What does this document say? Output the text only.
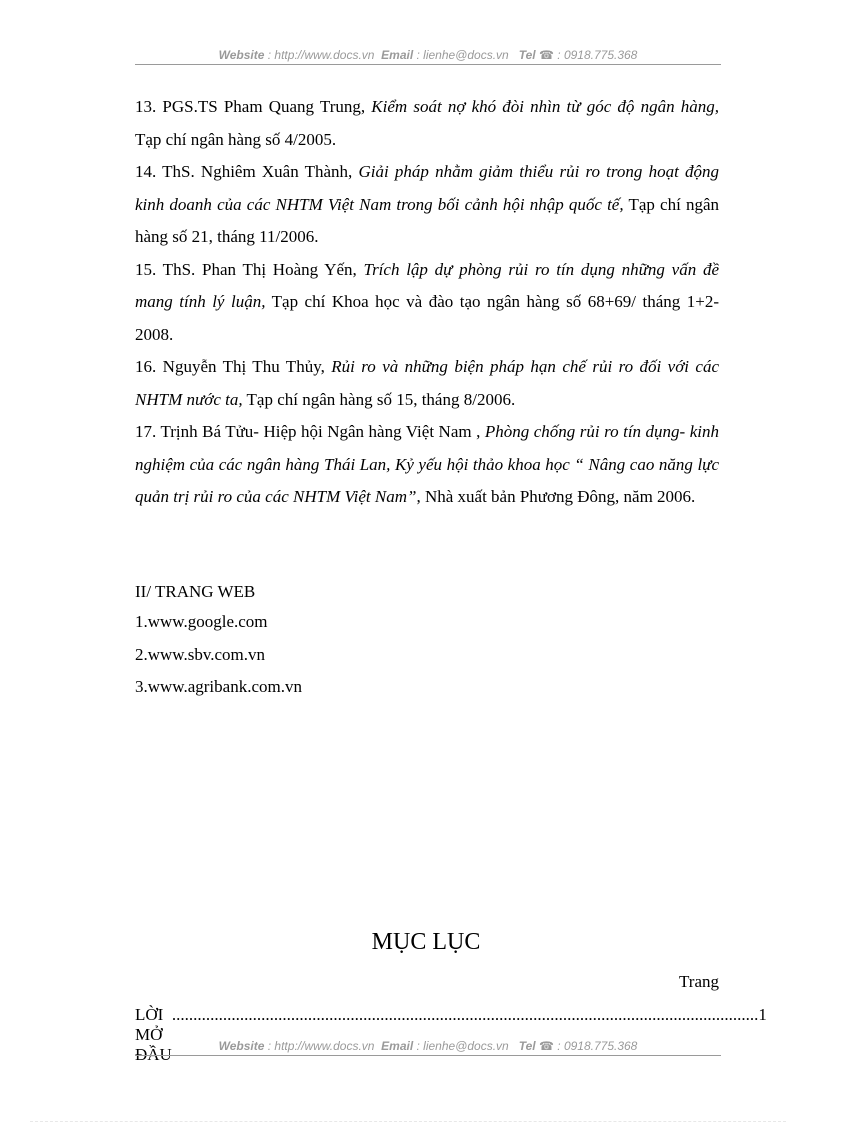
Website : http://www.docs.vn Email : lienhe@docs.vn Tel ☎ : 0918.775.368

13. PGS.TS Pham Quang Trung, Kiểm soát nợ khó đòi nhìn từ góc độ ngân hàng, Tạp chí ngân hàng số 4/2005.

14. ThS. Nghiêm Xuân Thành, Giải pháp nhằm giảm thiểu rủi ro trong hoạt động kinh doanh của các NHTM Việt Nam trong bối cảnh hội nhập quốc tế, Tạp chí ngân hàng số 21, tháng 11/2006.

15. ThS. Phan Thị Hoàng Yến, Trích lập dự phòng rủi ro tín dụng những vấn đề mang tính lý luận, Tạp chí Khoa học và đào tạo ngân hàng số 68+69/ tháng 1+2-2008.

16. Nguyễn Thị Thu Thủy, Rủi ro và những biện pháp hạn chế rủi ro đối với các NHTM nước ta, Tạp chí ngân hàng số 15, tháng 8/2006.

17. Trịnh Bá Tửu- Hiệp hội Ngân hàng Việt Nam , Phòng chống rủi ro tín dụng- kinh nghiệm của các ngân hàng Thái Lan, Kỷ yếu hội thảo khoa học “ Nâng cao năng lực quản trị rủi ro của các NHTM Việt Nam”, Nhà xuất bản Phương Đông, năm 2006.

II/ TRANG WEB
1.www.google.com
2.www.sbv.com.vn
3.www.agribank.com.vn
MỤC LỤC
Trang
LỜI MỞ ĐẦU
.......................................................................................................................................... 1
Website : http://www.docs.vn Email : lienhe@docs.vn Tel ☎ : 0918.775.368
